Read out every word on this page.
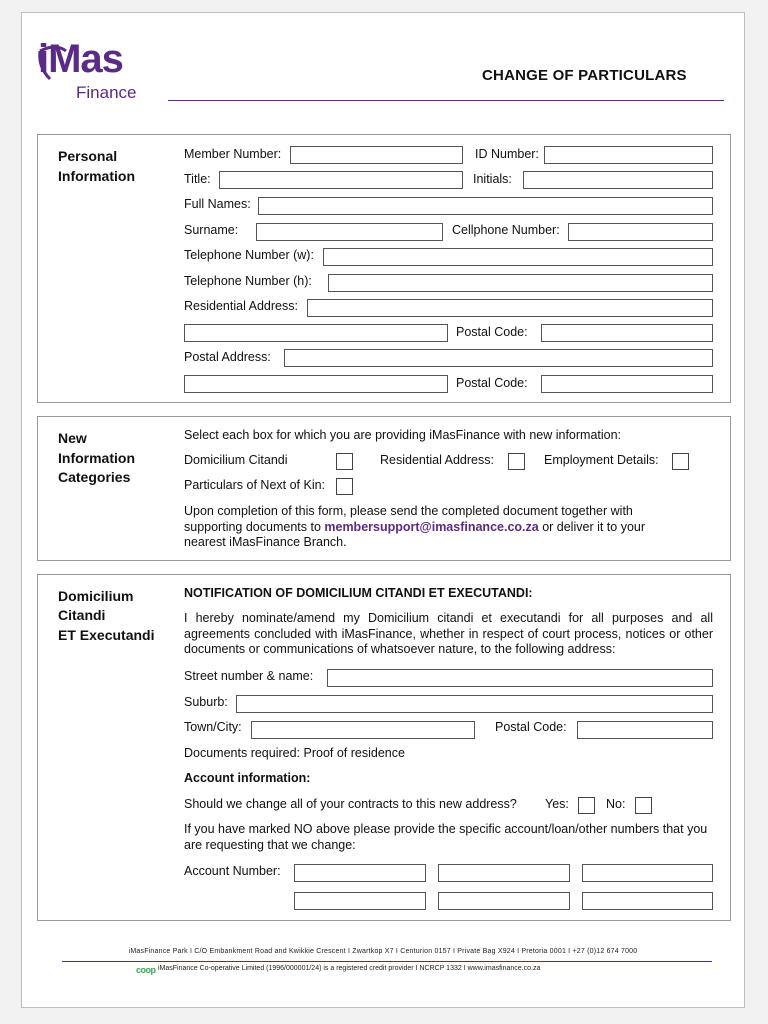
iMas
Finance
CHANGE OF PARTICULARS
Personal
Information
Member Number:	ID Number:
Title:	Initials:
Full Names:
Surname:	Cellphone Number:
Telephone Number (w):
Telephone Number (h):
Residential Address:
Postal Code:
Postal Address:
Postal Code:
New
Information
Categories
Select each box for which you are providing iMasFinance with new information:
Domicilium Citandi	Residential Address:	Employment Details:
Particulars of Next of Kin:
Upon completion of this form, please send the completed document together with supporting documents to membersupport@imasfinance.co.za or deliver it to your nearest iMasFinance Branch.
Domicilium
Citandi
ET Executandi
NOTIFICATION OF DOMICILIUM CITANDI ET EXECUTANDI:
I hereby nominate/amend my Domicilium citandi et executandi for all purposes and all agreements concluded with iMasFinance, whether in respect of court process, notices or other documents or communications of whatsoever nature, to the following address:
Street number & name:
Suburb:
Town/City:	Postal Code:
Documents required: Proof of residence
Account information:
Should we change all of your contracts to this new address? Yes:	No:
If you have marked NO above please provide the specific account/loan/other numbers that you are requesting that we change:
Account Number:
iMasFinance Park I C/O Embankment Road and Kwikkie Crescent I Zwartkop X7 I Centurion 0157 I Private Bag X924 I Pretoria 0001 I +27 (0)12 674 7000
coop iMasFinance Co-operative Limited (1996/000001/24) is a registered credit provider I NCRCP 1332 I www.imasfinance.co.za
